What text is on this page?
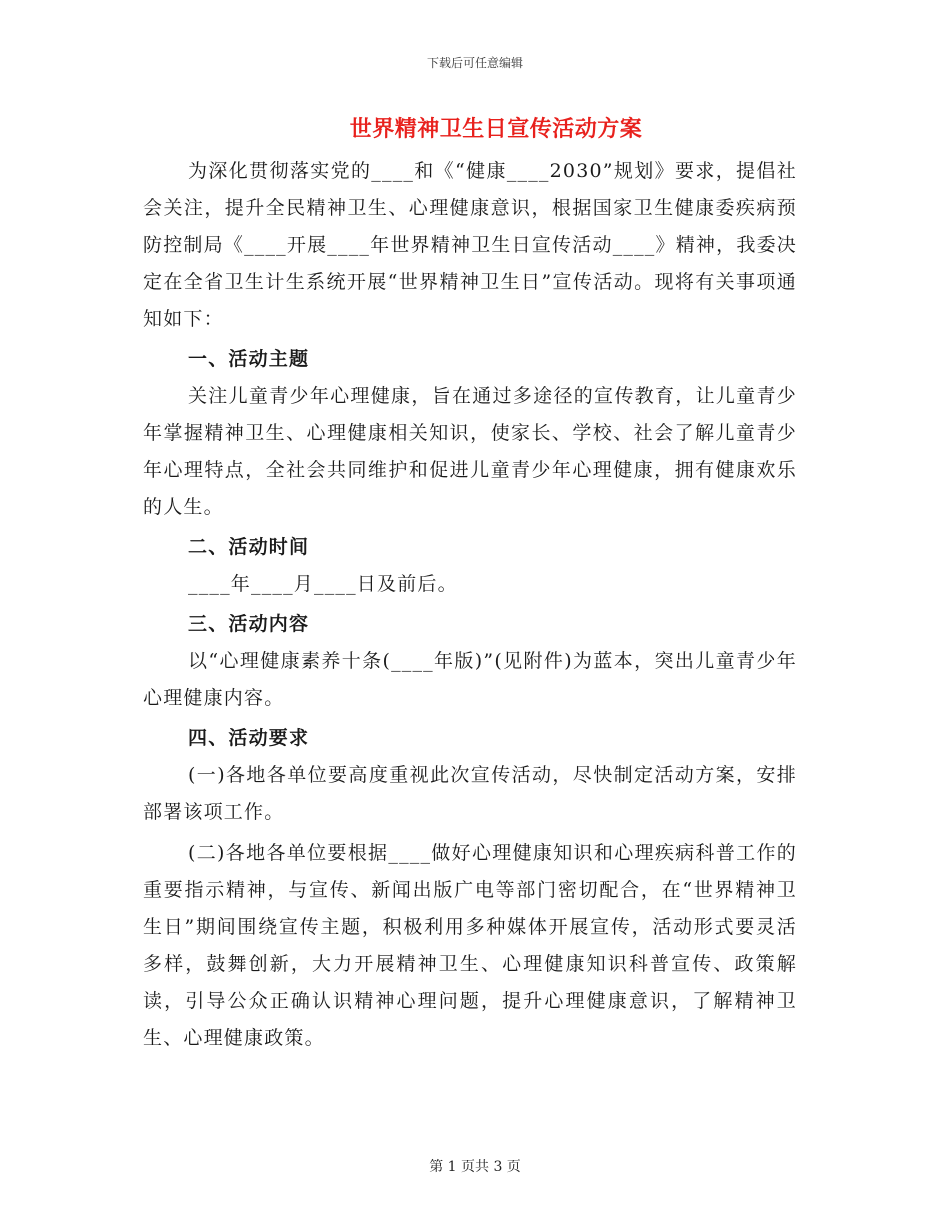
下载后可任意编辑
世界精神卫生日宣传活动方案

为深化贯彻落实党的____和《“健康____2030”规划》要求，提倡社会关注，提升全民精神卫生、心理健康意识，根据国家卫生健康委疾病预防控制局《____开展____年世界精神卫生日宣传活动____》精神，我委决定在全省卫生计生系统开展“世界精神卫生日”宣传活动。现将有关事项通知如下：

一、活动主题

关注儿童青少年心理健康，旨在通过多途径的宣传教育，让儿童青少年掌握精神卫生、心理健康相关知识，使家长、学校、社会了解儿童青少年心理特点，全社会共同维护和促进儿童青少年心理健康，拥有健康欢乐的人生。

二、活动时间

____年____月____日及前后。

三、活动内容

以“心理健康素养十条(____年版)”(见附件)为蓝本，突出儿童青少年心理健康内容。

四、活动要求

(一)各地各单位要高度重视此次宣传活动，尽快制定活动方案，安排部署该项工作。

(二)各地各单位要根据____做好心理健康知识和心理疾病科普工作的重要指示精神，与宣传、新闻出版广电等部门密切配合，在“世界精神卫生日”期间围绕宣传主题，积极利用多种媒体开展宣传，活动形式要灵活多样，鼓舞创新，大力开展精神卫生、心理健康知识科普宣传、政策解读，引导公众正确认识精神心理问题，提升心理健康意识，了解精神卫生、心理健康政策。

第 1 页共 3 页
